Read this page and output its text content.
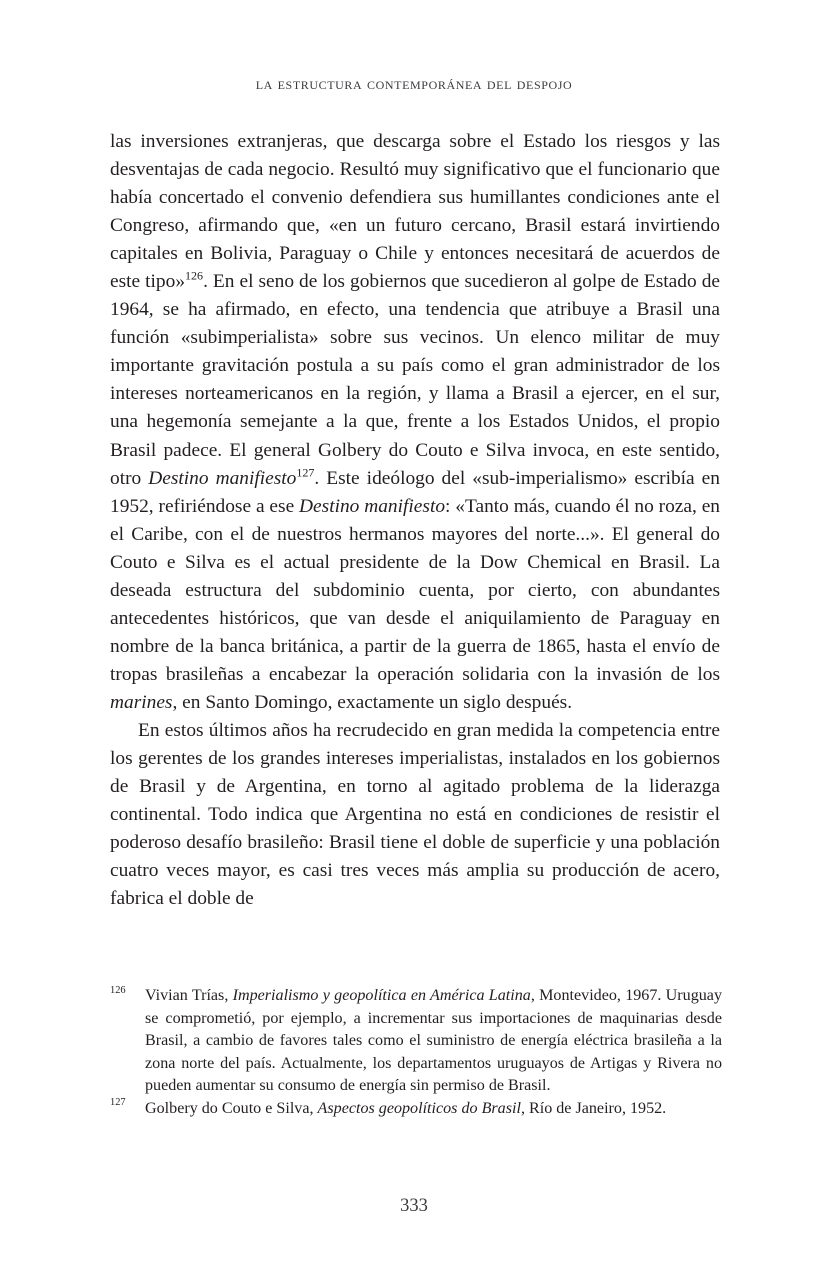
la estructura contemporánea del despojo

las inversiones extranjeras, que descarga sobre el Estado los riesgos y las desventajas de cada negocio. Resultó muy significativo que el funcionario que había concertado el convenio defendiera sus humillantes condiciones ante el Congreso, afirmando que, «en un futuro cercano, Brasil estará invirtiendo capitales en Bolivia, Paraguay o Chile y entonces necesitará de acuerdos de este tipo»$^{126}$. En el seno de los gobiernos que sucedieron al golpe de Estado de 1964, se ha afirmado, en efecto, una tendencia que atribuye a Brasil una función «subimperialista» sobre sus vecinos. Un elenco militar de muy importante gravitación postula a su país como el gran administrador de los intereses norteamericanos en la región, y llama a Brasil a ejercer, en el sur, una hegemonía semejante a la que, frente a los Estados Unidos, el propio Brasil padece. El general Golbery do Couto e Silva invoca, en este sentido, otro Destino manifiesto$^{127}$. Este ideólogo del «sub-imperialismo» escribía en 1952, refiriéndose a ese Destino manifiesto: «Tanto más, cuando él no roza, en el Caribe, con el de nuestros hermanos mayores del norte...». El general do Couto e Silva es el actual presidente de la Dow Chemical en Brasil. La deseada estructura del subdominio cuenta, por cierto, con abundantes antecedentes históricos, que van desde el aniquilamiento de Paraguay en nombre de la banca británica, a partir de la guerra de 1865, hasta el envío de tropas brasileñas a encabezar la operación solidaria con la invasión de los marines, en Santo Domingo, exactamente un siglo después.

En estos últimos años ha recrudecido en gran medida la competencia entre los gerentes de los grandes intereses imperialistas, instalados en los gobiernos de Brasil y de Argentina, en torno al agitado problema de la liderazga continental. Todo indica que Argentina no está en condiciones de resistir el poderoso desafío brasileño: Brasil tiene el doble de superficie y una población cuatro veces mayor, es casi tres veces más amplia su producción de acero, fabrica el doble de

126	Vivian Trías, Imperialismo y geopolítica en América Latina, Montevideo, 1967. Uruguay se comprometió, por ejemplo, a incrementar sus importaciones de maquinarias desde Brasil, a cambio de favores tales como el suministro de energía eléctrica brasileña a la zona norte del país. Actualmente, los departamentos uruguayos de Artigas y Rivera no pueden aumentar su consumo de energía sin permiso de Brasil.
127	Golbery do Couto e Silva, Aspectos geopolíticos do Brasil, Río de Janeiro, 1952.
333
